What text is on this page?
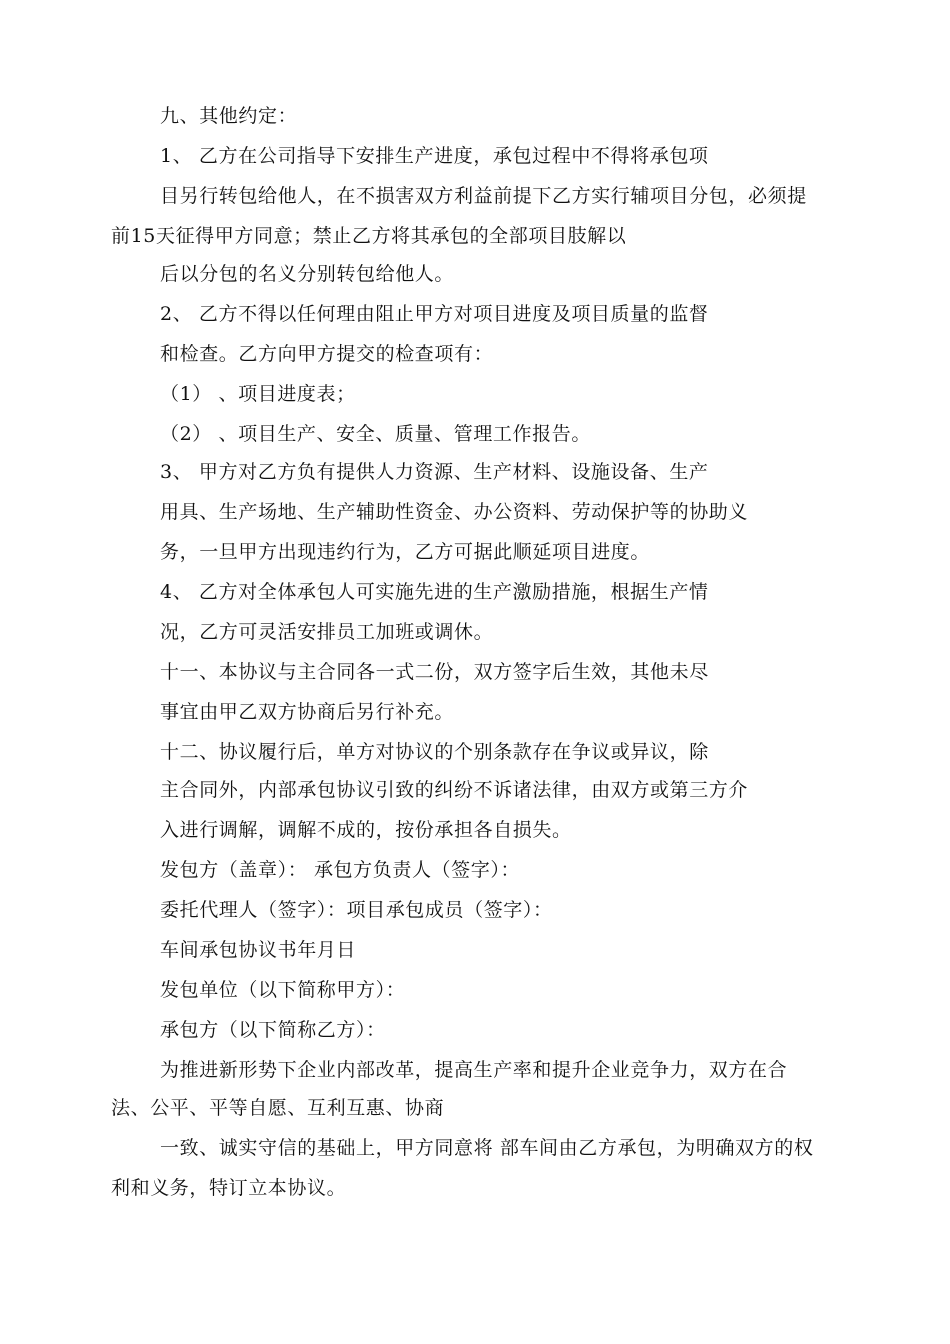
九、其他约定：
1、 乙方在公司指导下安排生产进度，承包过程中不得将承包项
目另行转包给他人，在不损害双方利益前提下乙方实行辅项目分包，必须提
前15天征得甲方同意；禁止乙方将其承包的全部项目肢解以
后以分包的名义分别转包给他人。
2、 乙方不得以任何理由阻止甲方对项目进度及项目质量的监督
和检查。乙方向甲方提交的检查项有：
（1） 、项目进度表；
（2） 、项目生产、安全、质量、管理工作报告。
3、 甲方对乙方负有提供人力资源、生产材料、设施设备、生产
用具、生产场地、生产辅助性资金、办公资料、劳动保护等的协助义
务，一旦甲方出现违约行为，乙方可据此顺延项目进度。
4、 乙方对全体承包人可实施先进的生产激励措施，根据生产情
况，乙方可灵活安排员工加班或调休。
十一、本协议与主合同各一式二份，双方签字后生效，其他未尽
事宜由甲乙双方协商后另行补充。
十二、协议履行后，单方对协议的个别条款存在争议或异议，除
主合同外，内部承包协议引致的纠纷不诉诸法律，由双方或第三方介
入进行调解，调解不成的，按份承担各自损失。
发包方（盖章）： 承包方负责人（签字）：
委托代理人（签字）：项目承包成员（签字）：
车间承包协议书年月日
发包单位（以下简称甲方）：
承包方（以下简称乙方）：
为推进新形势下企业内部改革，提高生产率和提升企业竞争力，双方在合
法、公平、平等自愿、互利互惠、协商
一致、诚实守信的基础上，甲方同意将 部车间由乙方承包，为明确双方的权
利和义务，特订立本协议。
